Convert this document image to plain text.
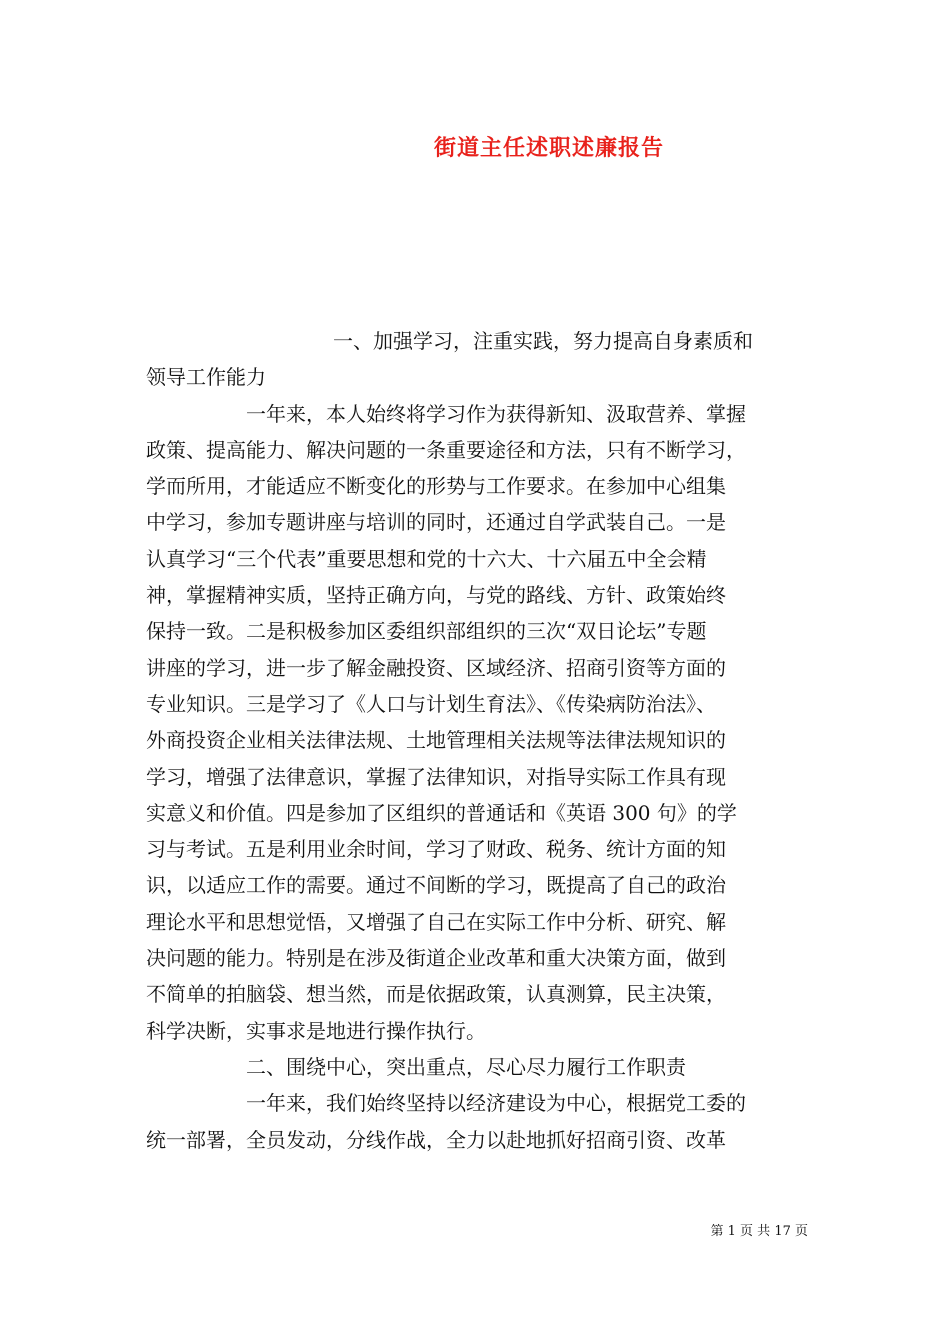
街道主任述职述廉报告
一、加强学习，注重实践，努力提高自身素质和
领导工作能力
一年来，本人始终将学习作为获得新知、汲取营养、掌握
政策、提高能力、解决问题的一条重要途径和方法，只有不断学习，
学而所用，才能适应不断变化的形势与工作要求。在参加中心组集
中学习，参加专题讲座与培训的同时，还通过自学武装自己。一是
认真学习“三个代表”重要思想和党的十六大、十六届五中全会精
神，掌握精神实质，坚持正确方向，与党的路线、方针、政策始终
保持一致。二是积极参加区委组织部组织的三次“双日论坛”专题
讲座的学习，进一步了解金融投资、区域经济、招商引资等方面的
专业知识。三是学习了《人口与计划生育法》、《传染病防治法》、
外商投资企业相关法律法规、土地管理相关法规等法律法规知识的
学习，增强了法律意识，掌握了法律知识，对指导实际工作具有现
实意义和价值。四是参加了区组织的普通话和《英语 300 句》的学
习与考试。五是利用业余时间，学习了财政、税务、统计方面的知
识，以适应工作的需要。通过不间断的学习，既提高了自己的政治
理论水平和思想觉悟，又增强了自己在实际工作中分析、研究、解
决问题的能力。特别是在涉及街道企业改革和重大决策方面，做到
不简单的拍脑袋、想当然，而是依据政策，认真测算，民主决策，
科学决断，实事求是地进行操作执行。
二、围绕中心，突出重点，尽心尽力履行工作职责
一年来，我们始终坚持以经济建设为中心，根据党工委的
统一部署，全员发动，分线作战，全力以赴地抓好招商引资、改革
第 1 页 共 17 页
